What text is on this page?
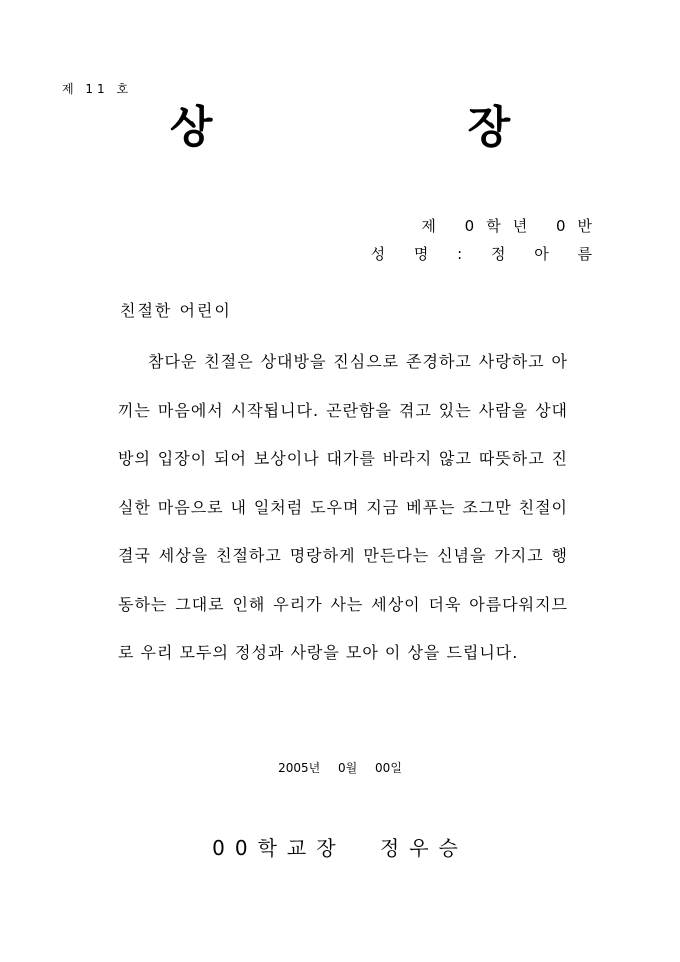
제 11 호
상 장
제 0학년 0반
성 명 : 정 아 름
친절한 어린이

참다운 친절은 상대방을 진심으로 존경하고 사랑하고 아끼는 마음에서 시작됩니다. 곤란함을 겪고 있는 사람을 상대방의 입장이 되어 보상이나 대가를 바라지 않고 따뜻하고 진실한 마음으로 내 일처럼 도우며 지금 베푸는 조그만 친절이 결국 세상을 친절하고 명랑하게 만든다는 신념을 가지고 행동하는 그대로 인해 우리가 사는 세상이 더욱 아름다워지므로 우리 모두의 정성과 사랑을 모아 이 상을 드립니다.

2005년 0월 00일
00학교장 정우승
